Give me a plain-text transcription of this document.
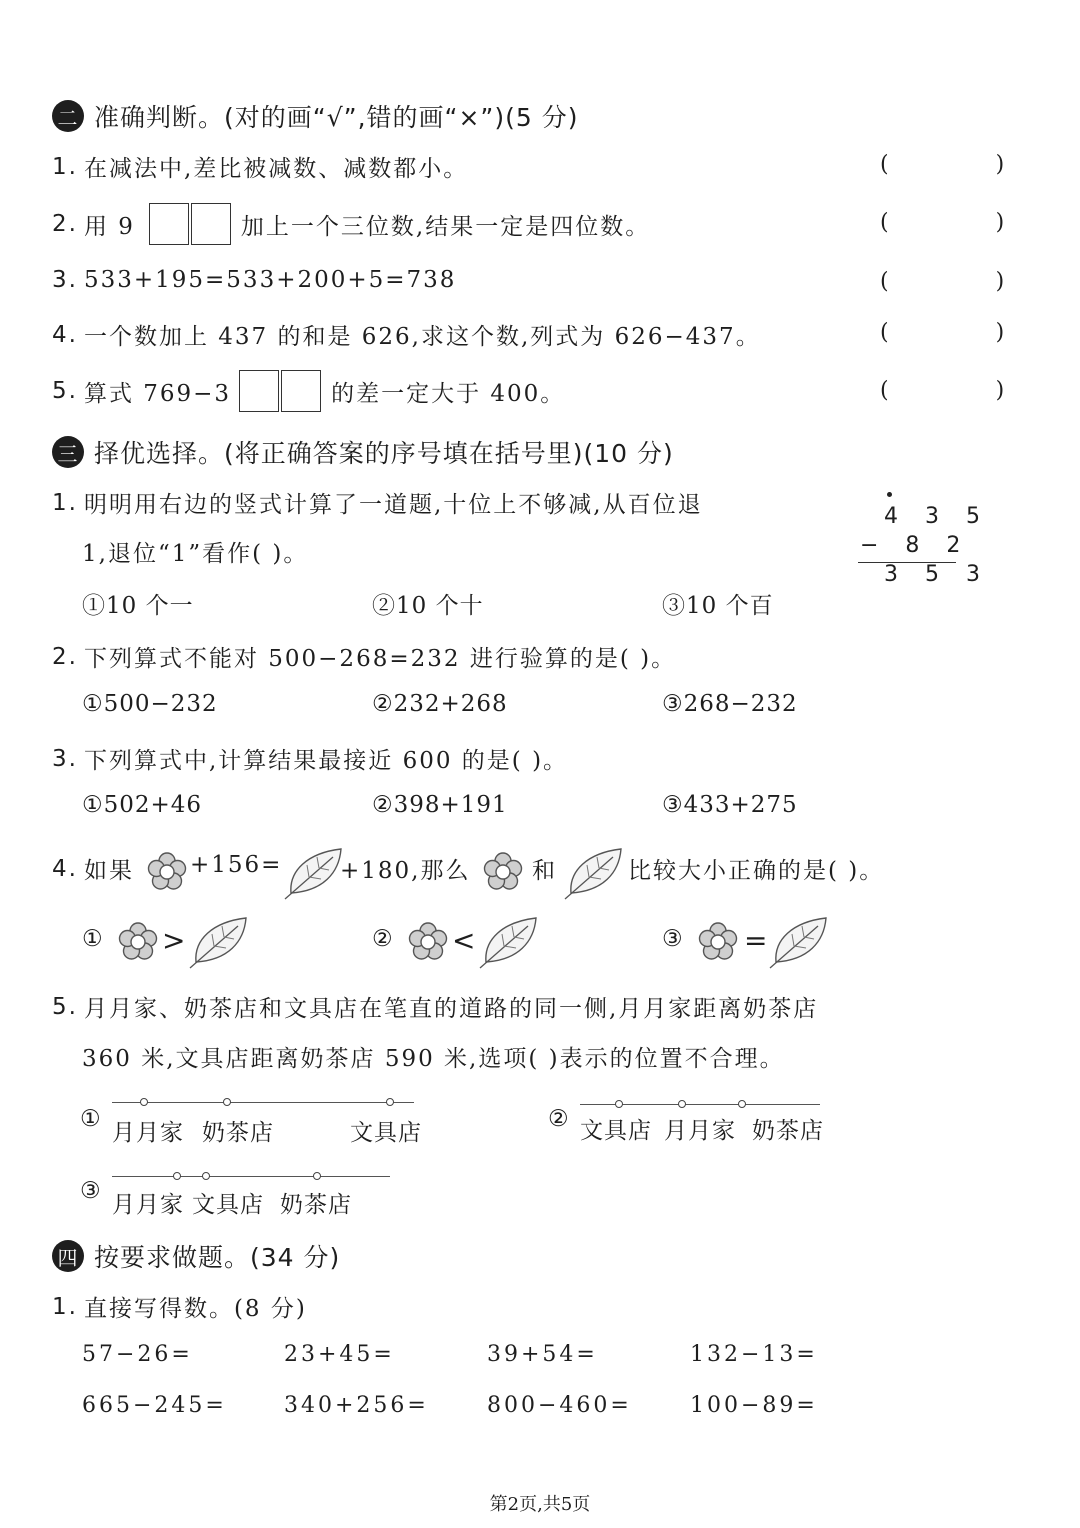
二 准确判断。(对的画“√”,错的画“×”)(5 分)
1. 在减法中,差比被减数、减数都小。	( )
2. 用 9	加上一个三位数,结果一定是四位数。	( )
3. 533+195=533+200+5=738	( )
4. 一个数加上 437 的和是 626,求这个数,列式为 626−437。	( )
5. 算式 769−3	的差一定大于 400。	( )
三 择优选择。(将正确答案的序号填在括号里)(10 分)
1. 明明用右边的竖式计算了一道题,十位上不够减,从百位退
1,退位“1”看作( )。
①10 个一	②10 个十	③10 个百
4 3 5
− 8 2
3 5 3
2. 下列算式不能对 500−268=232 进行验算的是( )。
①500−232	②232+268	③268−232
3. 下列算式中,计算结果最接近 600 的是( )。
①502+46	②398+191	③433+275
4. 如果 +156=	+180,那么	和	比较大小正确的是( )。
① >	② <	③ =
5. 月月家、奶茶店和文具店在笔直的道路的同一侧,月月家距离奶茶店
360 米,文具店距离奶茶店 590 米,选项( )表示的位置不合理。
①
月月家 奶茶店	文具店
② 文具店 月月家 奶茶店
③
月月家 文具店 奶茶店
四 按要求做题。(34 分)
1. 直接写得数。(8 分)
57−26=	23+45=	39+54=	132−13=
665−245=	340+256=	800−460=	100−89=
第2页,共5页
